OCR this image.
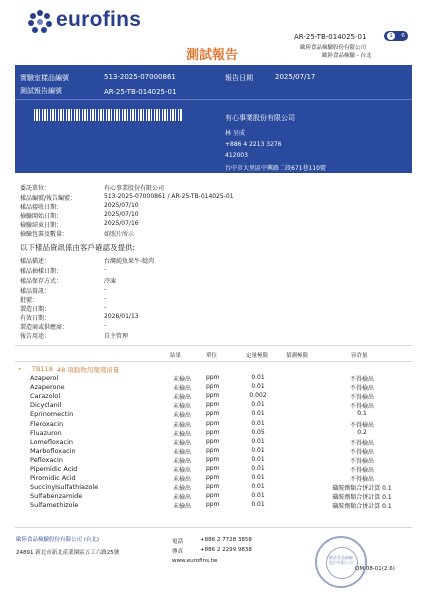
eurofins
AR-25-TB-014025-01	1	6
歐陸食品檢驗股份有限公司
歐陸食品檢驗 - 台北
測試報告
實驗室樣品編號	513-2025-07000861	報告日期	2025/07/17
測試報告編號	AR-25-TB-014025-01
有心事業股份有限公司
林 呈成
+886 4 2213 3276
412003
台中市大里區中興路二段671巷110號
委託單位：	有心事業股份有限公司
樣品編號/報告編號：	513-2025-07000861 / AR-25-TB-014025-01
樣品接收日期：	2025/07/10
檢驗開始日期：	2025/07/10
檢驗結束日期：	2025/07/16
檢驗包裝及數量：	如照片所示
以下樣品資訊係由客戶確認及提供:
樣品描述：	台灣純魚果牛-鯰肉
樣品抽樣日期：	-
樣品保存方式：	冷凍
樣品資訊：	-
批號：	-
製造日期：	-
有效日期：	2026/01/13
製造商或供應商：	-
報告用途：	自主管理
結果	單位	定量極限	偵測極限	容許量
• TB118 48 項動物用藥殘留量
Azaperol	未檢出	ppm	0.01	不得檢出
Azaperone	未檢出	ppm	0.01	不得檢出
Carazolol	未檢出	ppm	0.002	不得檢出
Dicyclanil	未檢出	ppm	0.01	不得檢出
Eprinomectin	未檢出	ppm	0.01	0.1
Fleroxacin	未檢出	ppm	0.01	不得檢出
Fluazuron	未檢出	ppm	0.05	0.2
Lomefloxacin	未檢出	ppm	0.01	不得檢出
Marbofloxacin	未檢出	ppm	0.01	不得檢出
Pefloxacin	未檢出	ppm	0.01	不得檢出
Pipemidic Acid	未檢出	ppm	0.01	不得檢出
Piromidic Acid	未檢出	ppm	0.01	不得檢出
Succinylsulfathiazole	未檢出	ppm	0.01	磺胺劑類合併計算 0.1
Sulfabenzamide	未檢出	ppm	0.01	磺胺劑類合併計算 0.1
Sulfamethizole	未檢出	ppm	0.01	磺胺劑類合併計算 0.1
歐陸食品檢驗股份有限公司 (台北)
24891 新北市新北產業園區五工六路25號
電話	+886 2 7728 3858
傳真	+886 2 2299 9838
www.eurofins.tw
歐陸食品檢驗股份有限公司
QM 08-01(2.6)
